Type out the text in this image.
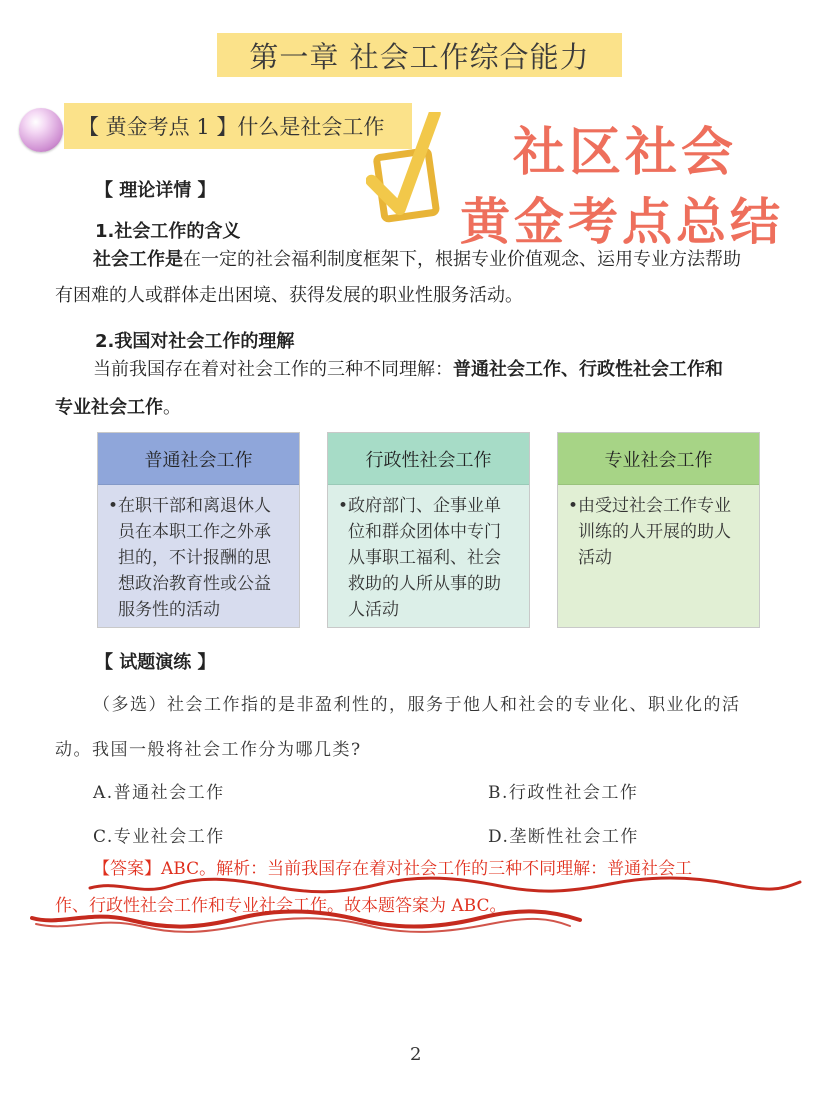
第一章 社会工作综合能力
【 黄金考点 1 】 什么是社会工作 社区社会
黄金考点总结
【 理论详情 】
1.社会工作的含义
社会工作是在一定的社会福利制度框架下，根据专业价值观念、运用专业方法帮助
有困难的人或群体走出困境、获得发展的职业性服务活动。
2.我国对社会工作的理解
当前我国存在着对社会工作的三种不同理解：普通社会工作、行政性社会工作和
专业社会工作。
普通社会工作
•在职干部和离退休人
员在本职工作之外承
担的，不计报酬的思
想政治教育性或公益
服务性的活动
行政性社会工作
•政府部门、企事业单
位和群众团体中专门
从事职工福利、社会
救助的人所从事的助
人活动
专业社会工作
•由受过社会工作专业
训练的人开展的助人
活动
【 试题演练 】
（多选）社会工作指的是非盈利性的，服务于他人和社会的专业化、职业化的活
动。我国一般将社会工作分为哪几类?
A.普通社会工作	B.行政性社会工作
C.专业社会工作	D.垄断性社会工作
【答案】ABC。解析：当前我国存在着对社会工作的三种不同理解：普通社会工
作、行政性社会工作和专业社会工作。故本题答案为 ABC。
2
